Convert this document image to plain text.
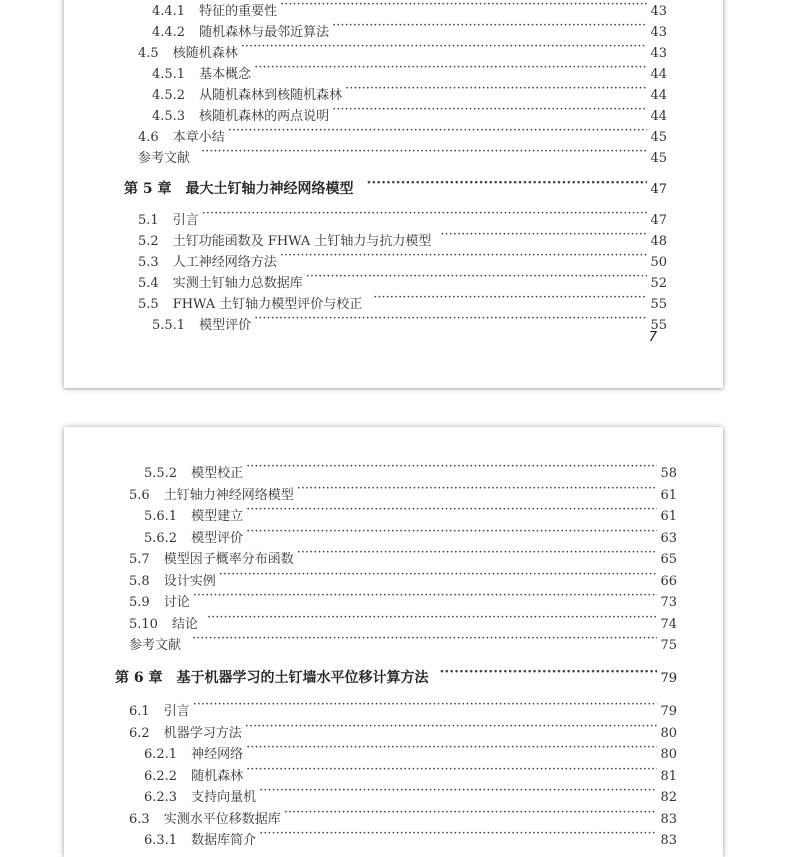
4.4.1 特征的重要性 ·····	43
4.4.2 随机森林与最邻近算法 ·····	43
4.5 核随机森林 ·····	43
4.5.1 基本概念 ·····	44
4.5.2 从随机森林到核随机森林 ·····	44
4.5.3 核随机森林的两点说明 ·····	44
4.6 本章小结 ·····	45
参考文献 ·····	45
第 5 章 最大土钉轴力神经网络模型 ·····	47
5.1 引言 ·····	47
5.2 土钉功能函数及 FHWA 土钉轴力与抗力模型 ·····	48
5.3 人工神经网络方法 ·····	50
5.4 实测土钉轴力总数据库 ·····	52
5.5 FHWA 土钉轴力模型评价与校正 ·····	55
5.5.1 模型评价 ·····	55
7
5.5.2 模型校正 ·····	58
5.6 土钉轴力神经网络模型 ·····	61
5.6.1 模型建立 ·····	61
5.6.2 模型评价 ·····	63
5.7 模型因子概率分布函数 ·····	65
5.8 设计实例 ·····	66
5.9 讨论 ·····	73
5.10 结论 ·····	74
参考文献 ·····	75
第 6 章 基于机器学习的土钉墙水平位移计算方法 ·····	79
6.1 引言 ·····	79
6.2 机器学习方法 ·····	80
6.2.1 神经网络 ·····	80
6.2.2 随机森林 ·····	81
6.2.3 支持向量机 ·····	82
6.3 实测水平位移数据库 ·····	83
6.3.1 数据库简介 ·····	83
